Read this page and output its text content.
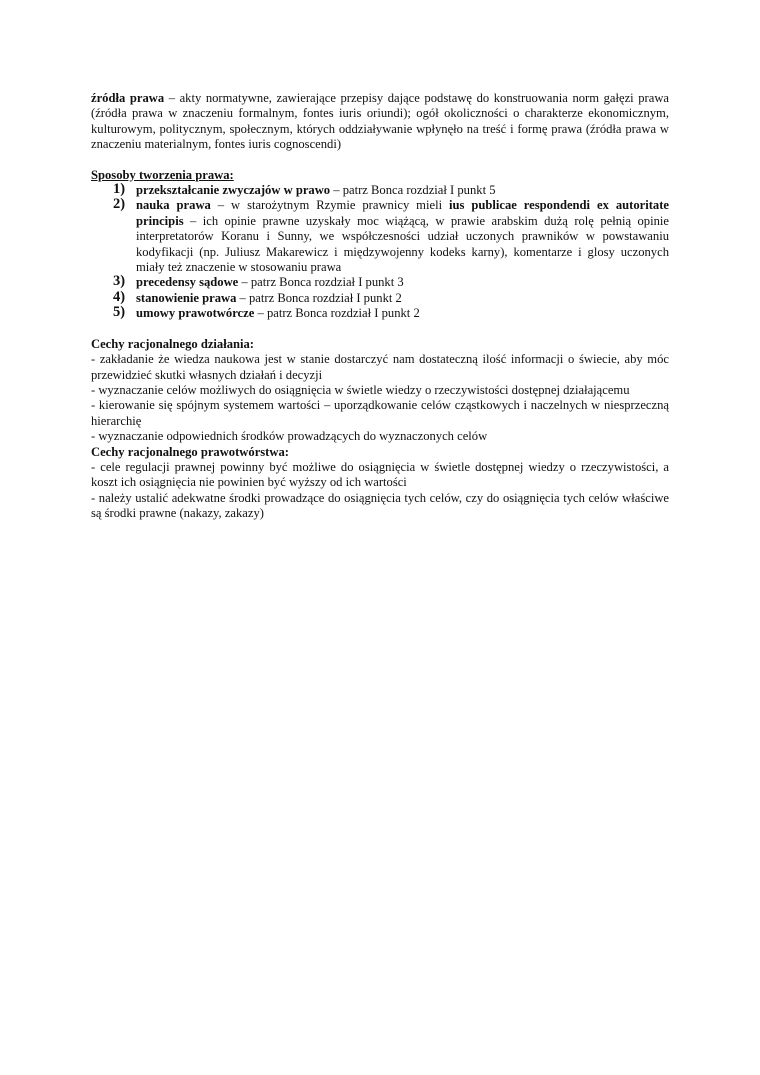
źródła prawa – akty normatywne, zawierające przepisy dające podstawę do konstruowania norm gałęzi prawa (źródła prawa w znaczeniu formalnym, fontes iuris oriundi); ogół okoliczności o charakterze ekonomicznym, kulturowym, politycznym, społecznym, których oddziaływanie wpłynęło na treść i formę prawa (źródła prawa w znaczeniu materialnym, fontes iuris cognoscendi)

Sposoby tworzenia prawa:

1) przekształcanie zwyczajów w prawo – patrz Bonca rozdział I punkt 5
2) nauka prawa – w starożytnym Rzymie prawnicy mieli ius publicae respondendi ex autoritate principis – ich opinie prawne uzyskały moc wiążącą, w prawie arabskim dużą rolę pełnią opinie interpretatorów Koranu i Sunny, we współczesności udział uczonych prawników w powstawaniu kodyfikacji (np. Juliusz Makarewicz i międzywojenny kodeks karny), komentarze i glosy uczonych miały też znaczenie w stosowaniu prawa
3) precedensy sądowe – patrz Bonca rozdział I punkt 3
4) stanowienie prawa – patrz Bonca rozdział I punkt 2
5) umowy prawotwórcze – patrz Bonca rozdział I punkt 2

Cechy racjonalnego działania:

- zakładanie że wiedza naukowa jest w stanie dostarczyć nam dostateczną ilość informacji o świecie, aby móc przewidzieć skutki własnych działań i decyzji

- wyznaczanie celów możliwych do osiągnięcia w świetle wiedzy o rzeczywistości dostępnej działającemu

- kierowanie się spójnym systemem wartości – uporządkowanie celów cząstkowych i naczelnych w niesprzeczną hierarchię

- wyznaczanie odpowiednich środków prowadzących do wyznaczonych celów

Cechy racjonalnego prawotwórstwa:

- cele regulacji prawnej powinny być możliwe do osiągnięcia w świetle dostępnej wiedzy o rzeczywistości, a koszt ich osiągnięcia nie powinien być wyższy od ich wartości

- należy ustalić adekwatne środki prowadzące do osiągnięcia tych celów, czy do osiągnięcia tych celów właściwe są środki prawne (nakazy, zakazy)
